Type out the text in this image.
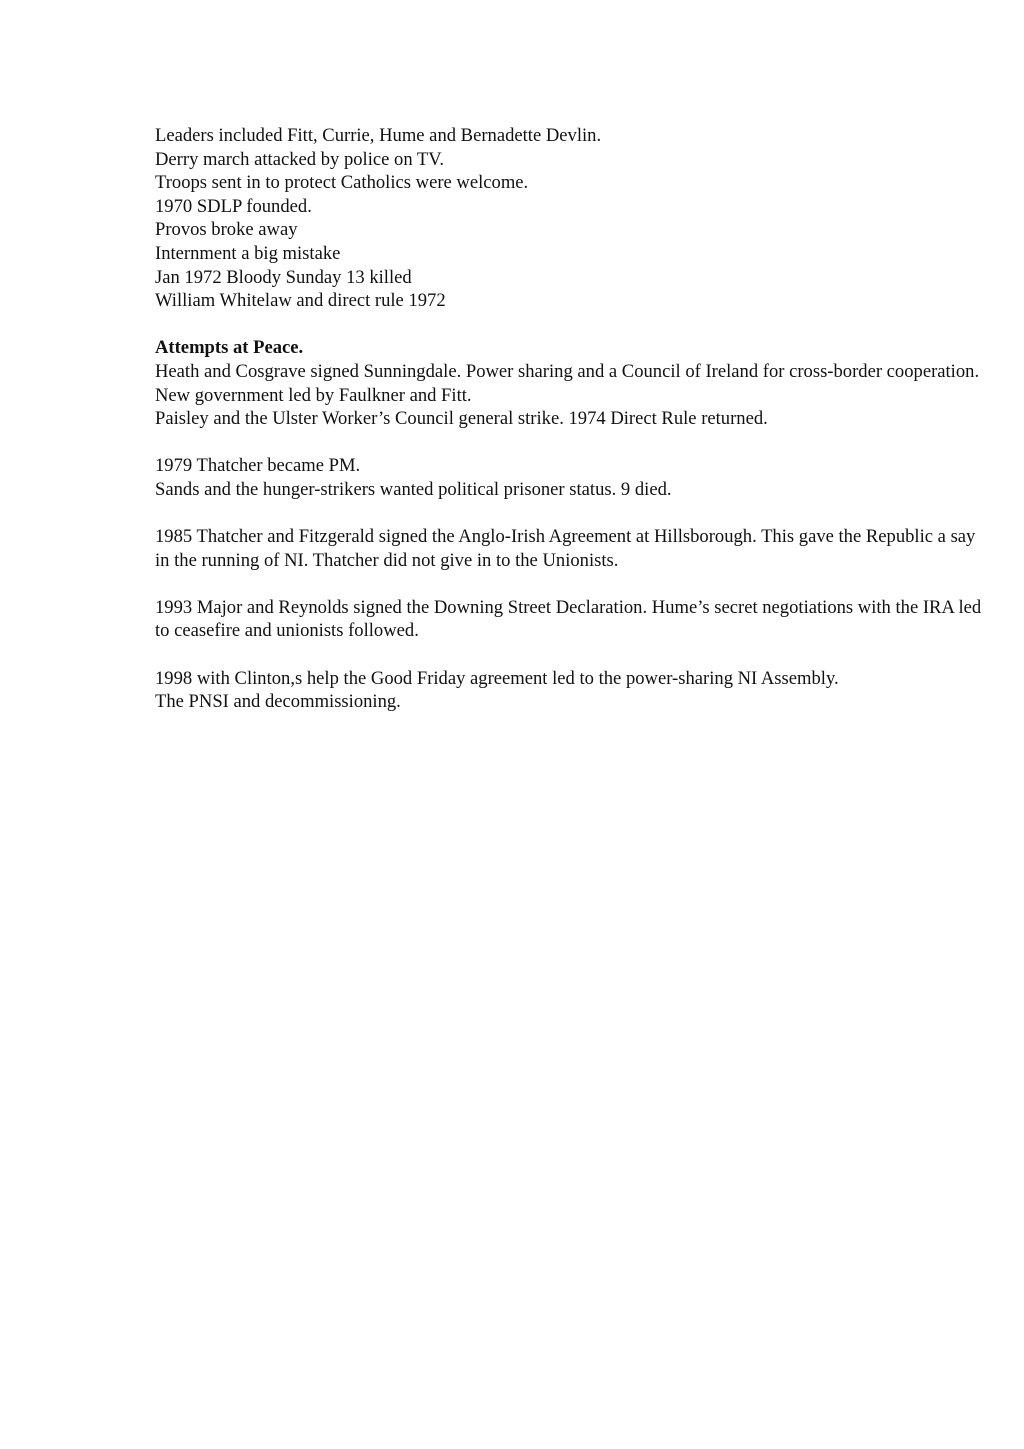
Leaders included Fitt, Currie, Hume and Bernadette Devlin.
Derry march attacked by police on TV.
Troops sent in to protect Catholics were welcome.
1970 SDLP founded.
Provos broke away
Internment a big mistake
Jan 1972 Bloody Sunday 13 killed
William Whitelaw and direct rule 1972
Attempts at Peace.
Heath and Cosgrave signed Sunningdale. Power sharing and a Council of Ireland for cross-border cooperation.
New government led by Faulkner and Fitt.
Paisley and the Ulster Worker’s Council general strike. 1974 Direct Rule returned.
1979 Thatcher became PM.
Sands and the hunger-strikers wanted political prisoner status. 9 died.
1985 Thatcher and Fitzgerald signed the Anglo-Irish Agreement at Hillsborough. This gave the Republic a say in the running of NI. Thatcher did not give in to the Unionists.
1993 Major and Reynolds signed the Downing Street Declaration. Hume’s secret negotiations with the IRA led to ceasefire and unionists followed.
1998 with Clinton,s help the Good Friday agreement led to the power-sharing NI Assembly.
The PNSI and decommissioning.
